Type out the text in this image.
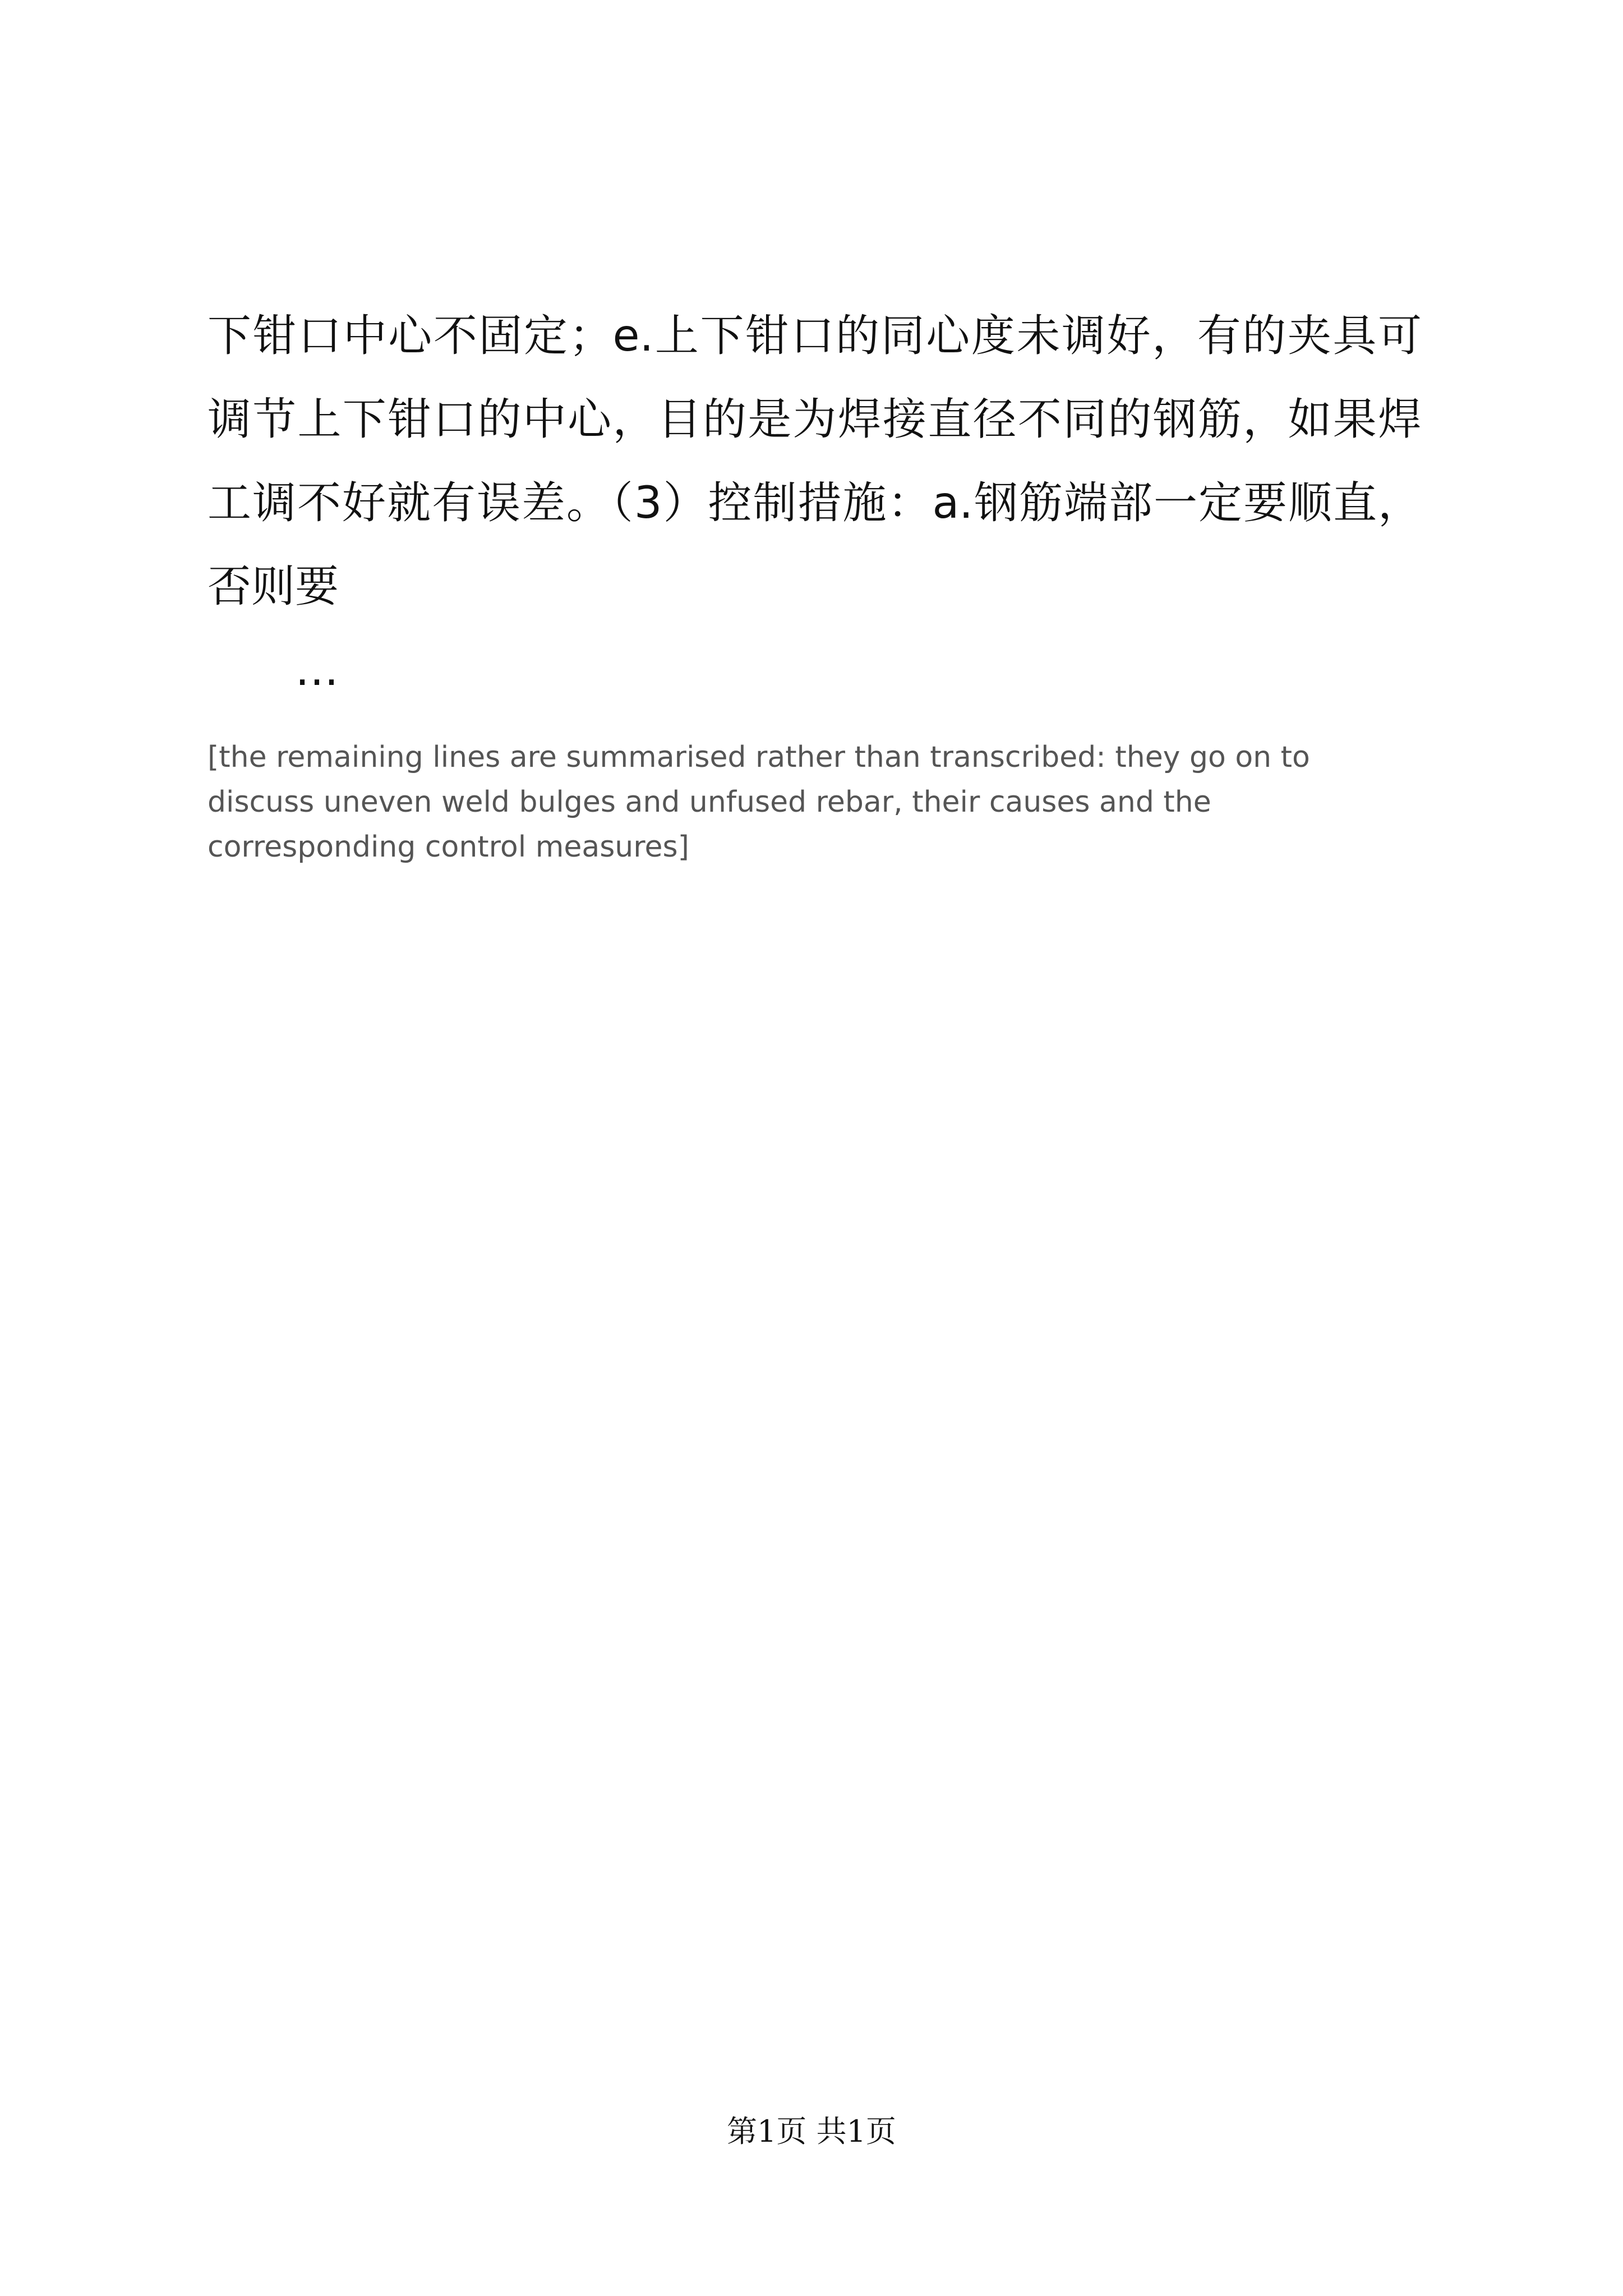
下钳口中心不固定；e.上下钳口的同心度未调好，有的夹具可调节上下钳口的中心，目的是为焊接直径不同的钢筋，如果焊工调不好就有误差。（3）控制措施：a.钢筋端部一定要顺直，否则要

…

[the remaining lines are summarised rather than transcribed: they go on to discuss uneven weld bulges and unfused rebar, their causes and the corresponding control measures]

第1页 共1页
